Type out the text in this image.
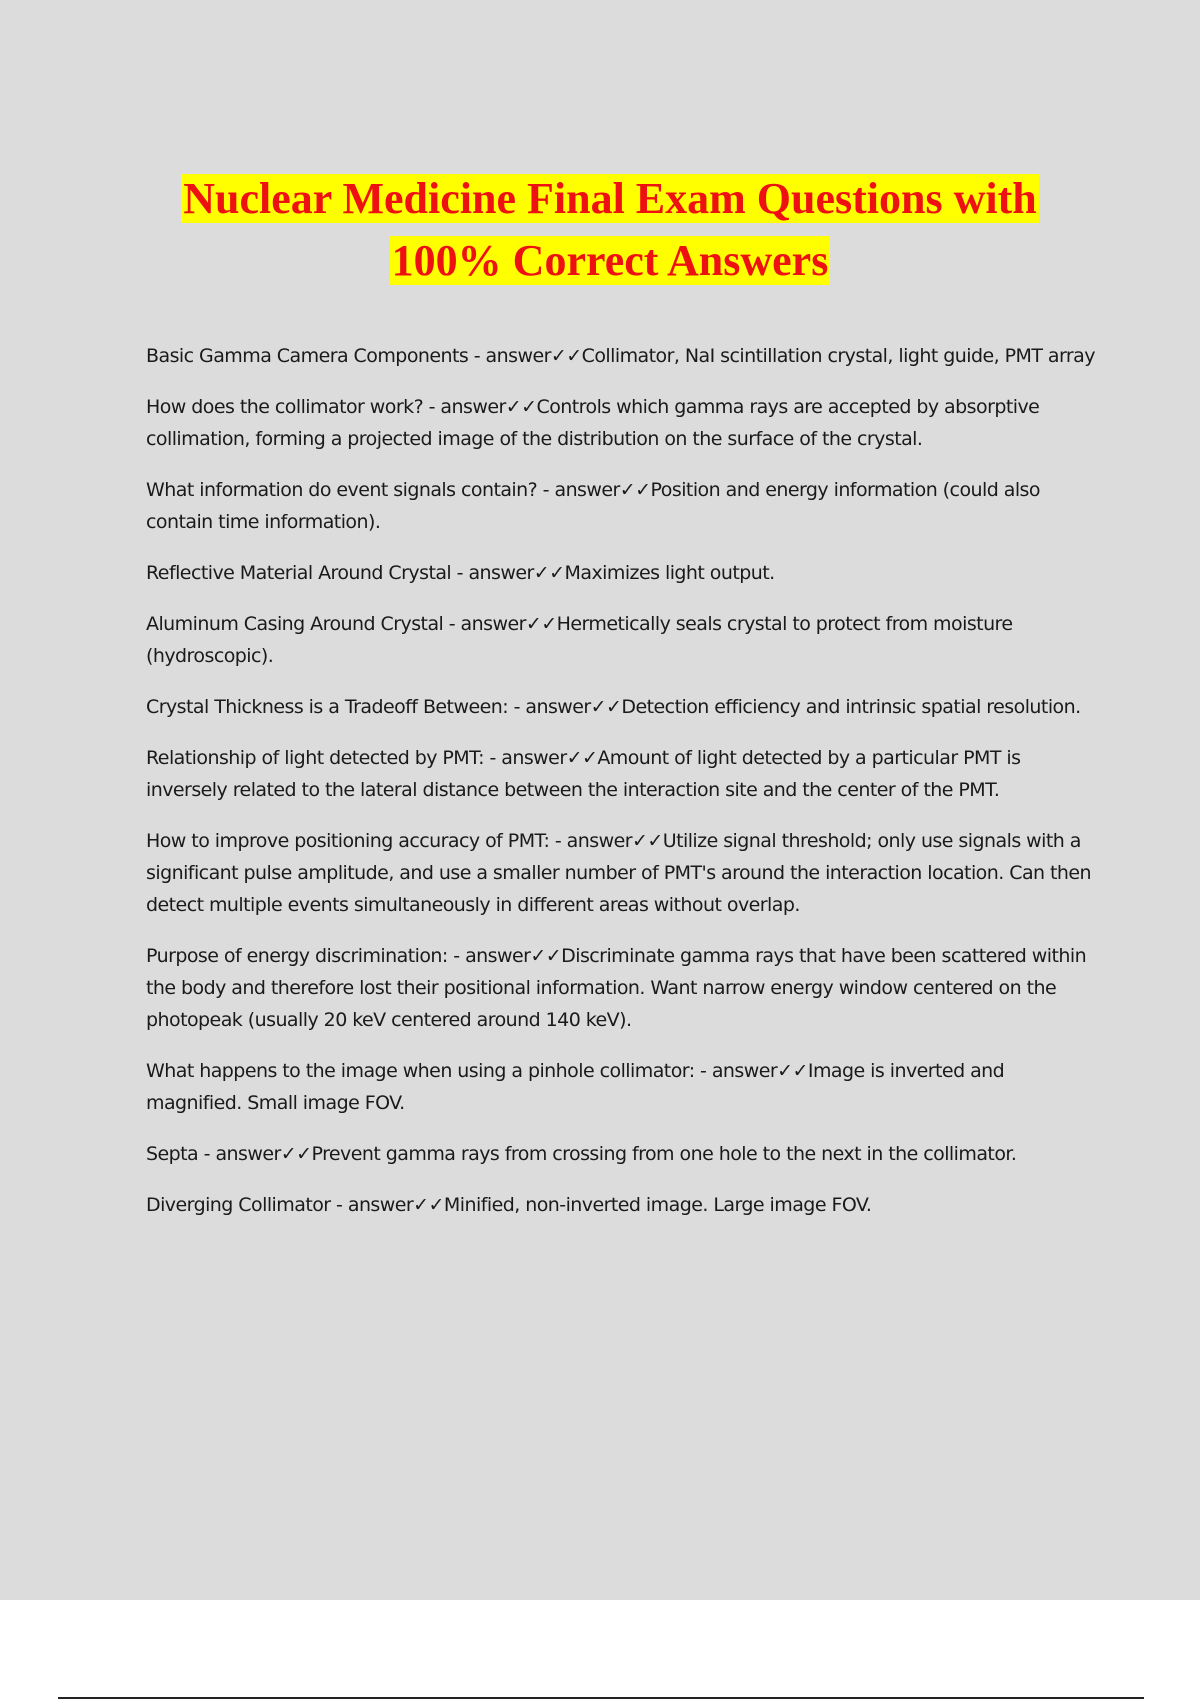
Nuclear Medicine Final Exam Questions with
100% Correct Answers

Basic Gamma Camera Components - answer✓✓Collimator, NaI scintillation crystal, light guide, PMT array

How does the collimator work? - answer✓✓Controls which gamma rays are accepted by absorptive collimation, forming a projected image of the distribution on the surface of the crystal.

What information do event signals contain? - answer✓✓Position and energy information (could also contain time information).

Reflective Material Around Crystal - answer✓✓Maximizes light output.

Aluminum Casing Around Crystal - answer✓✓Hermetically seals crystal to protect from moisture (hydroscopic).

Crystal Thickness is a Tradeoff Between: - answer✓✓Detection efficiency and intrinsic spatial resolution.

Relationship of light detected by PMT: - answer✓✓Amount of light detected by a particular PMT is inversely related to the lateral distance between the interaction site and the center of the PMT.

How to improve positioning accuracy of PMT: - answer✓✓Utilize signal threshold; only use signals with a significant pulse amplitude, and use a smaller number of PMT's around the interaction location. Can then detect multiple events simultaneously in different areas without overlap.

Purpose of energy discrimination: - answer✓✓Discriminate gamma rays that have been scattered within the body and therefore lost their positional information. Want narrow energy window centered on the photopeak (usually 20 keV centered around 140 keV).

What happens to the image when using a pinhole collimator: - answer✓✓Image is inverted and magnified. Small image FOV.

Septa - answer✓✓Prevent gamma rays from crossing from one hole to the next in the collimator.

Diverging Collimator - answer✓✓Minified, non-inverted image. Large image FOV.
